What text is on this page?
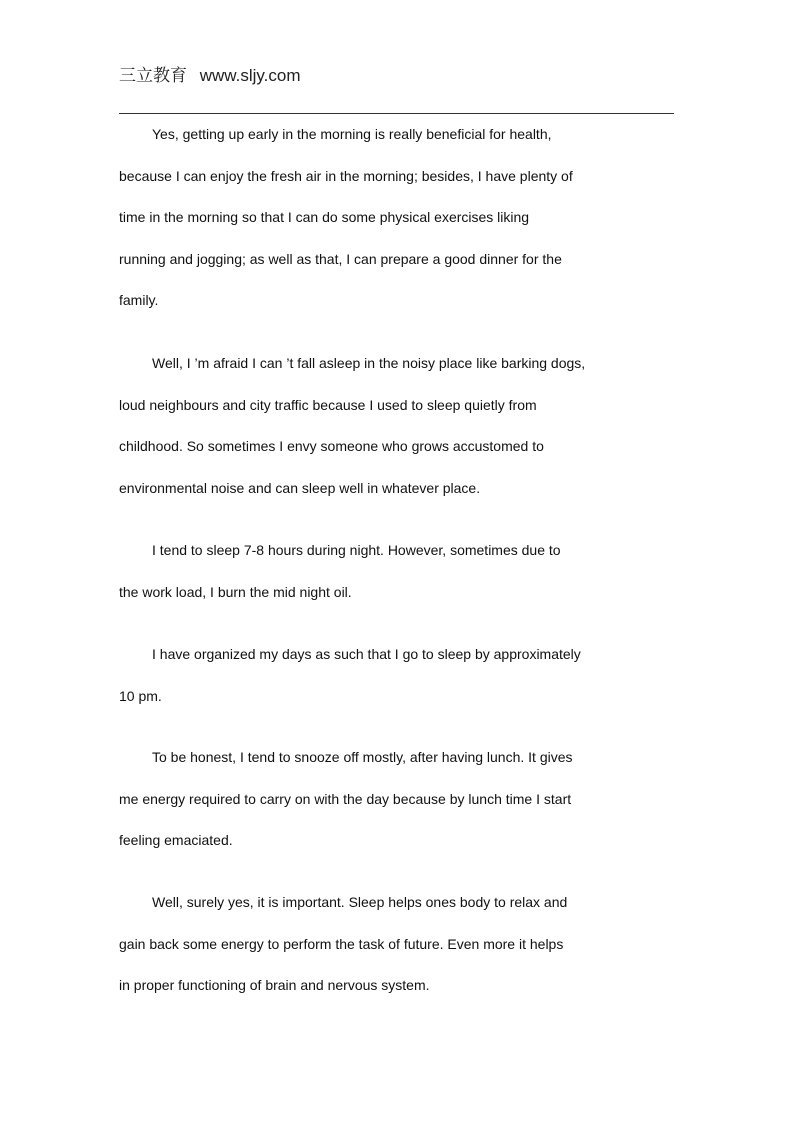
三立教育 www.sljy.com
Yes, getting up early in the morning is really beneficial for health,
because I can enjoy the fresh air in the morning; besides, I have plenty of
time in the morning so that I can do some physical exercises liking
running and jogging; as well as that, I can prepare a good dinner for the
family.
Well, I ’m afraid I can ’t fall asleep in the noisy place like barking dogs,
loud neighbours and city traffic because I used to sleep quietly from
childhood. So sometimes I envy someone who grows accustomed to
environmental noise and can sleep well in whatever place.
I tend to sleep 7-8 hours during night. However, sometimes due to
the work load, I burn the mid night oil.
I have organized my days as such that I go to sleep by approximately
10 pm.
To be honest, I tend to snooze off mostly, after having lunch. It gives
me energy required to carry on with the day because by lunch time I start
feeling emaciated.
Well, surely yes, it is important. Sleep helps ones body to relax and
gain back some energy to perform the task of future. Even more it helps
in proper functioning of brain and nervous system.
